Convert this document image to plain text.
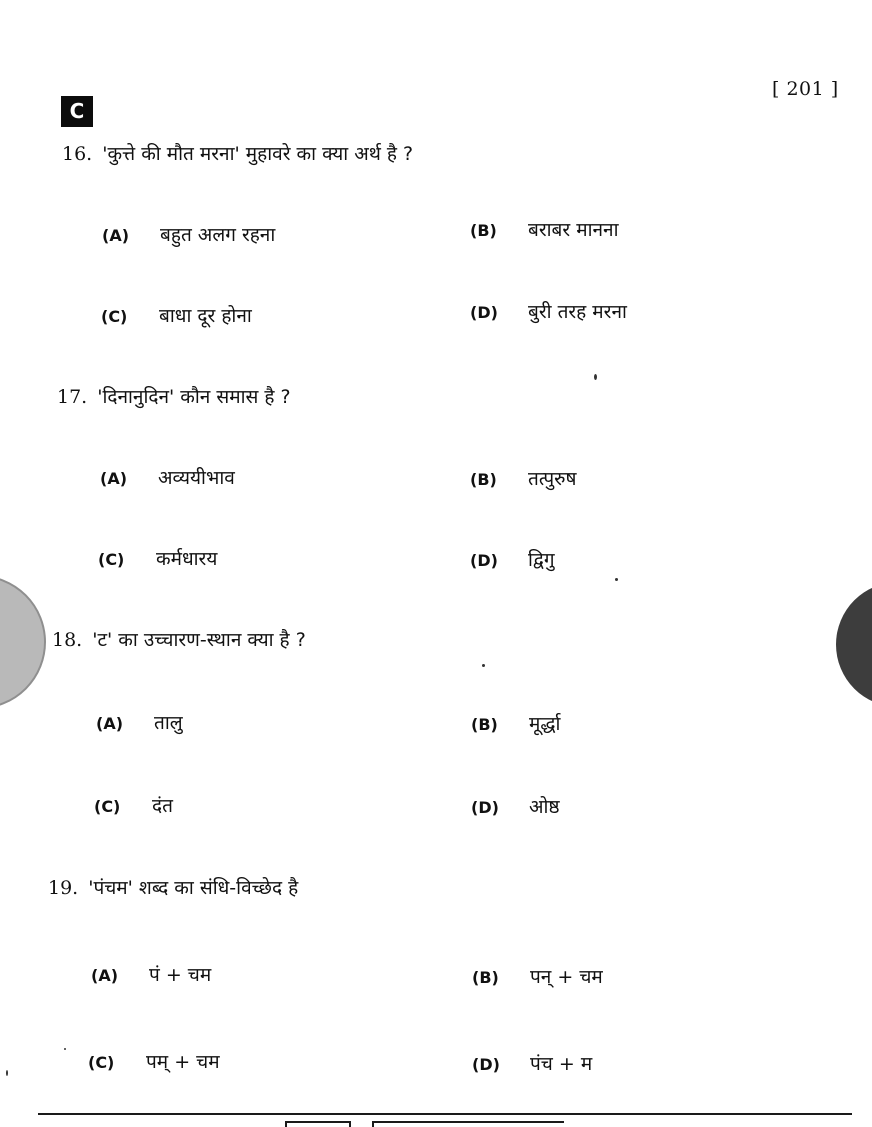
[ 201 ]
C
16. 'कुत्ते की मौत मरना' मुहावरे का क्या अर्थ है ?
(A) बहुत अलग रहना	(B) बराबर मानना
(C) बाधा दूर होना	(D) बुरी तरह मरना
17. 'दिनानुदिन' कौन समास है ?
(A) अव्ययीभाव	(B) तत्पुरुष
(C) कर्मधारय	(D) द्विगु
18. 'ट' का उच्चारण-स्थान क्या है ?
(A) तालु	(B) मूर्द्धा
(C) दंत	(D) ओष्ठ
19. 'पंचम' शब्द का संधि-विच्छेद है
(A) पं + चम	(B) पन् + चम
(C) पम् + चम	(D) पंच + म
